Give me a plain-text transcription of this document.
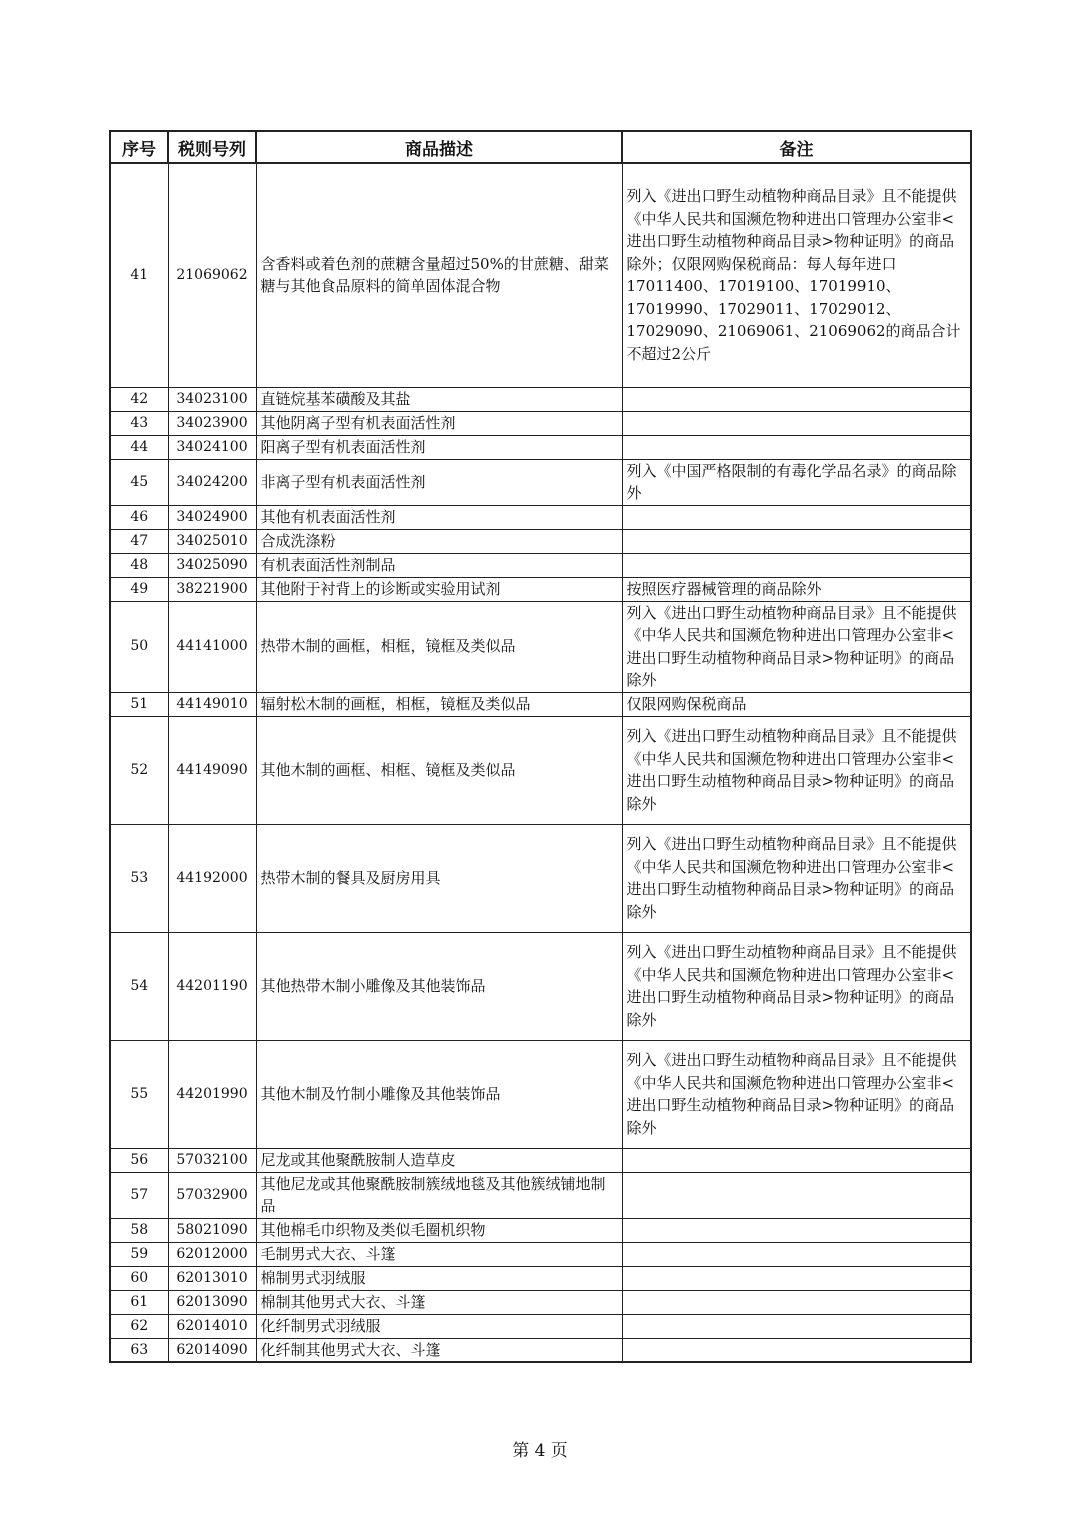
序号	税则号列	商品描述	备注
41	21069062	含香料或着色剂的蔗糖含量超过50%的甘蔗糖、甜菜糖与其他食品原料的简单固体混合物	列入《进出口野生动植物种商品目录》且不能提供《中华人民共和国濒危物种进出口管理办公室非<进出口野生动植物种商品目录>物种证明》的商品除外；仅限网购保税商品：每人每年进口17011400、17019100、17019910、17019990、17029011、17029012、17029090、21069061、21069062的商品合计不超过2公斤
42	34023100	直链烷基苯磺酸及其盐	
43	34023900	其他阴离子型有机表面活性剂	
44	34024100	阳离子型有机表面活性剂	
45	34024200	非离子型有机表面活性剂	列入《中国严格限制的有毒化学品名录》的商品除外
46	34024900	其他有机表面活性剂	
47	34025010	合成洗涤粉	
48	34025090	有机表面活性剂制品	
49	38221900	其他附于衬背上的诊断或实验用试剂	按照医疗器械管理的商品除外
50	44141000	热带木制的画框，相框，镜框及类似品	列入《进出口野生动植物种商品目录》且不能提供《中华人民共和国濒危物种进出口管理办公室非<进出口野生动植物种商品目录>物种证明》的商品除外
51	44149010	辐射松木制的画框，相框，镜框及类似品	仅限网购保税商品
52	44149090	其他木制的画框、相框、镜框及类似品	列入《进出口野生动植物种商品目录》且不能提供《中华人民共和国濒危物种进出口管理办公室非<进出口野生动植物种商品目录>物种证明》的商品除外
53	44192000	热带木制的餐具及厨房用具	列入《进出口野生动植物种商品目录》且不能提供《中华人民共和国濒危物种进出口管理办公室非<进出口野生动植物种商品目录>物种证明》的商品除外
54	44201190	其他热带木制小雕像及其他装饰品	列入《进出口野生动植物种商品目录》且不能提供《中华人民共和国濒危物种进出口管理办公室非<进出口野生动植物种商品目录>物种证明》的商品除外
55	44201990	其他木制及竹制小雕像及其他装饰品	列入《进出口野生动植物种商品目录》且不能提供《中华人民共和国濒危物种进出口管理办公室非<进出口野生动植物种商品目录>物种证明》的商品除外
56	57032100	尼龙或其他聚酰胺制人造草皮	
57	57032900	其他尼龙或其他聚酰胺制簇绒地毯及其他簇绒铺地制品	
58	58021090	其他棉毛巾织物及类似毛圈机织物	
59	62012000	毛制男式大衣、斗篷	
60	62013010	棉制男式羽绒服	
61	62013090	棉制其他男式大衣、斗篷	
62	62014010	化纤制男式羽绒服	
63	62014090	化纤制其他男式大衣、斗篷	
第 4 页
